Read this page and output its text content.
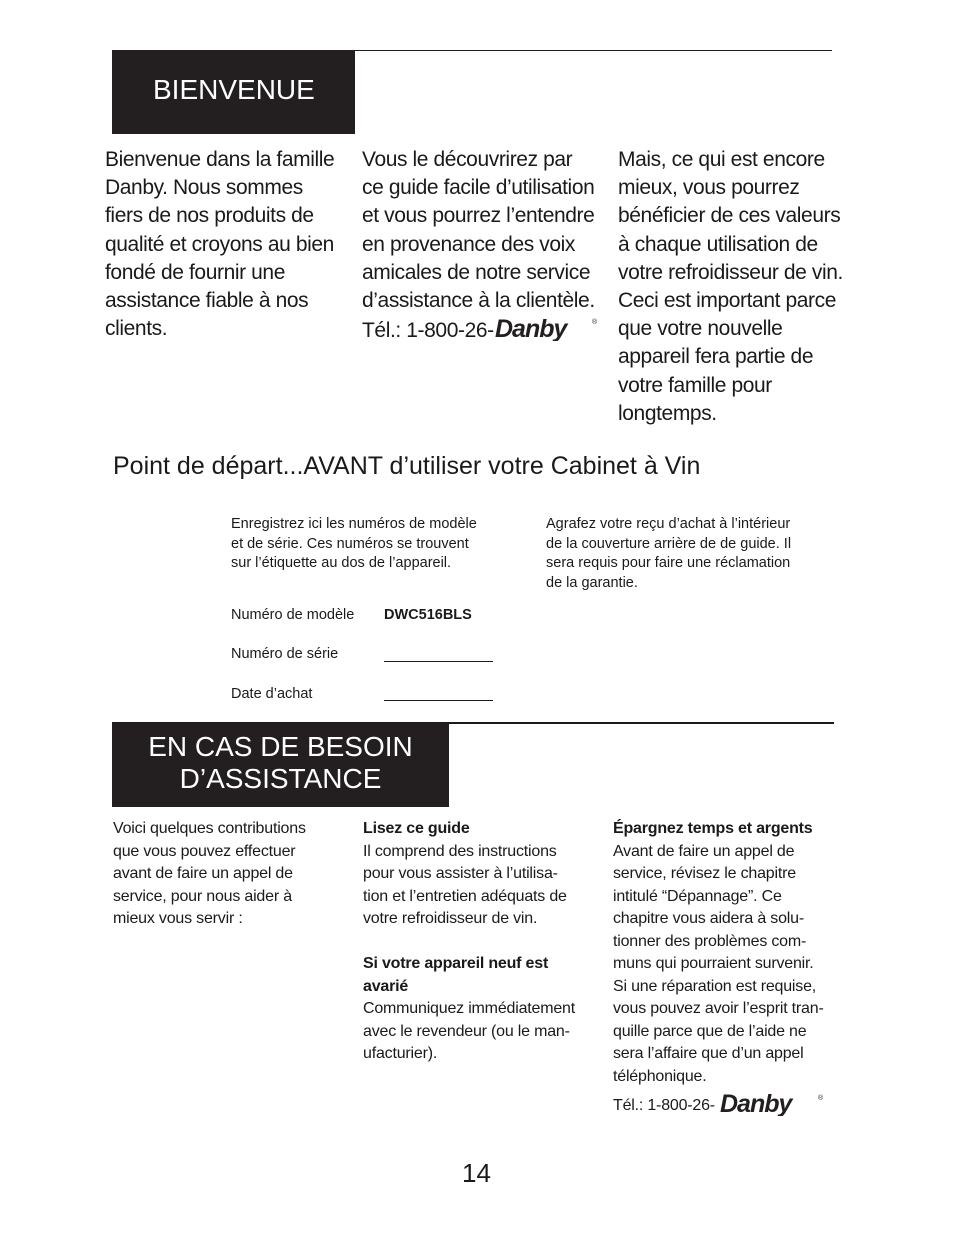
BIENVENUE
Bienvenue dans la famille
Danby. Nous sommes
fiers de nos produits de
qualité et croyons au bien
fondé de fournir une
assistance fiable à nos
clients.
Vous le découvrirez par
ce guide facile d’utilisation
et vous pourrez l’entendre
en provenance des voix
amicales de notre service
d’assistance à la clientèle.
Tél.: 1-800-26- Danby	®
Mais, ce qui est encore
mieux, vous pourrez
bénéficier de ces valeurs
à chaque utilisation de
votre refroidisseur de vin.
Ceci est important parce
que votre nouvelle
appareil fera partie de
votre famille pour
longtemps.
Point de départ...AVANT d’utiliser votre Cabinet à Vin
Enregistrez ici les numéros de modèle
et de série. Ces numéros se trouvent
sur l’étiquette au dos de l’appareil.
Agrafez votre reçu d’achat à l’intérieur
de la couverture arrière de de guide. Il
sera requis pour faire une réclamation
de la garantie.
Numéro de modèle DWC516BLS
Numéro de série
Date d’achat
EN CAS DE BESOIN
D’ASSISTANCE
Voici quelques contributions
que vous pouvez effectuer
avant de faire un appel de
service, pour nous aider à
mieux vous servir :
Lisez ce guide
Il comprend des instructions
pour vous assister à l’utilisa-
tion et l’entretien adéquats de
votre refroidisseur de vin.
Si votre appareil neuf est
avarié
Communiquez immédiatement
avec le revendeur (ou le man-
ufacturier).
Épargnez temps et argents
Avant de faire un appel de
service, révisez le chapitre
intitulé “Dépannage”. Ce
chapitre vous aidera à solu-
tionner des problèmes com-
muns qui pourraient survenir.
Si une réparation est requise,
vous pouvez avoir l’esprit tran-
quille parce que de l’aide ne
sera l’affaire que d’un appel
téléphonique.
Tél.: 1-800-26- Danby	®
14
